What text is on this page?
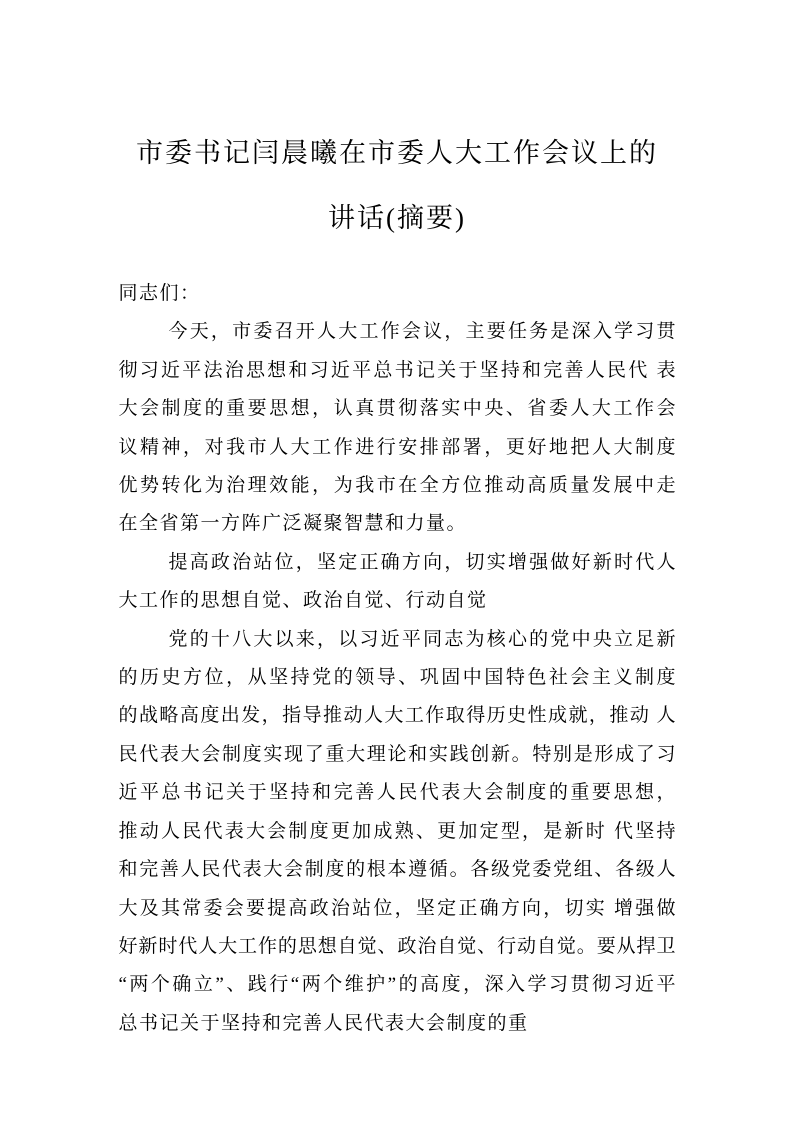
市委书记闫晨曦在市委人大工作会议上的
讲话(摘要)
同志们：
今天，市委召开人大工作会议，主要任务是深入学习贯
彻习近平法治思想和习近平总书记关于坚持和完善人民代 表
大会制度的重要思想，认真贯彻落实中央、省委人大工作会
议精神，对我市人大工作进行安排部署，更好地把人大制度
优势转化为治理效能，为我市在全方位推动高质量发展中走
在全省第一方阵广泛凝聚智慧和力量。
提高政治站位，坚定正确方向，切实增强做好新时代人
大工作的思想自觉、政治自觉、行动自觉
党的十八大以来，以习近平同志为核心的党中央立足新
的历史方位，从坚持党的领导、巩固中国特色社会主义制度
的战略高度出发，指导推动人大工作取得历史性成就，推动 人
民代表大会制度实现了重大理论和实践创新。特别是形成了习
近平总书记关于坚持和完善人民代表大会制度的重要思想，
推动人民代表大会制度更加成熟、更加定型，是新时 代坚持
和完善人民代表大会制度的根本遵循。各级党委党组、各级人
大及其常委会要提高政治站位，坚定正确方向，切实 增强做
好新时代人大工作的思想自觉、政治自觉、行动自觉。要从捍卫
“两个确立”、践行“两个维护”的高度，深入学习贯彻习近平
总书记关于坚持和完善人民代表大会制度的重
